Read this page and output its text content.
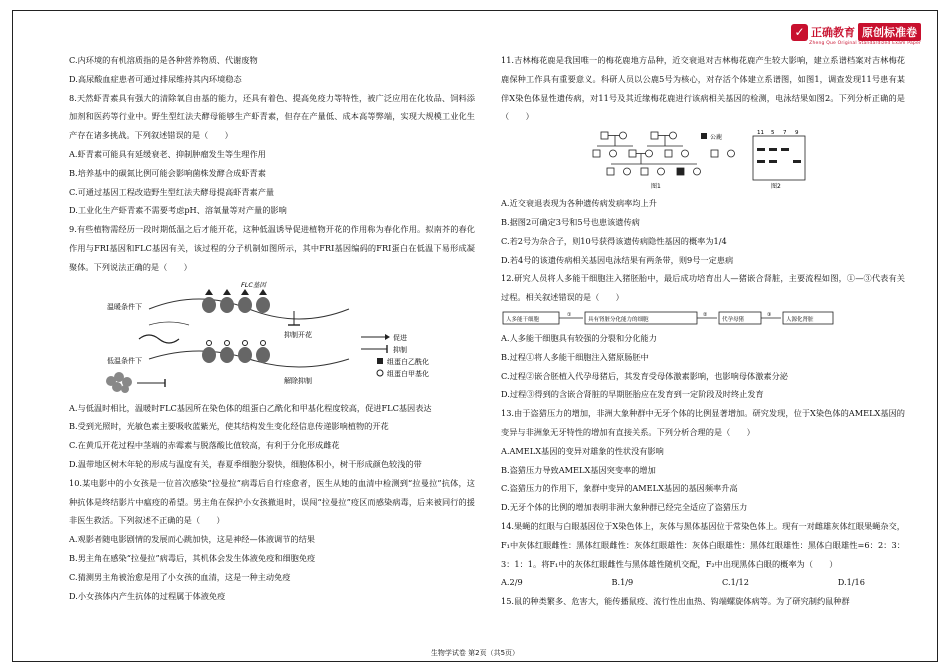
✓ 正确教育 原创标准卷
Zheng Que Original Standardized Exam Paper
C.内环境的有机溶质指的是各种营养物质、代谢废物
D.高尿酸血症患者可通过排尿维持其内环境稳态
8.天然虾青素具有强大的清除氧自由基的能力，还具有着色、提高免疫力等特性，被广泛应用在化妆品、饲料添加剂和医药等行业中。野生型红法夫酵母能够生产虾青素，但存在产量低、成本高等弊端，实现大规模工业化生产存在诸多挑战。下列叙述错误的是（　　）
A.虾青素可能具有延缓衰老、抑制肿瘤发生等生理作用
B.培养基中的碳氮比例可能会影响菌株发酵合成虾青素
C.可通过基因工程改造野生型红法夫酵母提高虾青素产量
D.工业化生产虾青素不需要考虑pH、溶氧量等对产量的影响
9.有些植物需经历一段时期低温之后才能开花，这种低温诱导促进植物开花的作用称为春化作用。拟南芥的春化作用与FRI基因和FLC基因有关，该过程的分子机制如图所示，其中FRI基因编码的FRI蛋白在低温下易形成凝聚体。下列说法正确的是（　　）
温暖条件下
FLC基因
抑制开花	促进
抑制
组蛋白乙酰化
组蛋白甲基化
低温条件下
解除抑制
A.与低温时相比，温暖时FLC基因所在染色体的组蛋白乙酰化和甲基化程度较高，促进FLC基因表达
B.受到光照时，光敏色素主要吸收蓝紫光，使其结构发生变化经信息传递影响植物的开花
C.在黄瓜开花过程中茎端的赤霉素与脱落酸比值较高，有利于分化形成雌花
D.温带地区树木年轮的形成与温度有关，春夏季细胞分裂快，细胞体积小，树干形成颜色较浅的带
10.某电影中的小女孩是一位首次感染“拉曼拉”病毒后自行痊愈者，医生从她的血清中检测到“拉曼拉”抗体，这种抗体是终结影片中瘟疫的希望。男主角在保护小女孩撤退时，误闯“拉曼拉”疫区而感染病毒，后来被同行的援非医生救活。下列叙述不正确的是（　　）
A.观影者随电影剧情的发展而心跳加快，这是神经—体液调节的结果
B.男主角在感染“拉曼拉”病毒后，其机体会发生体液免疫和细胞免疫
C.猜测男主角被治愈是用了小女孩的血清，这是一种主动免疫
D.小女孩体内产生抗体的过程属于体液免疫
11.吉林梅花鹿是我国唯一的梅花鹿地方品种，近交衰退对吉林梅花鹿产生较大影响，建立系谱档案对吉林梅花鹿保种工作具有重要意义。科研人员以公鹿5号为核心，对存活个体建立系谱图，如图1，调查发现11号患有某伴X染色体显性遗传病，对11号及其近缘梅花鹿进行该病相关基因的检测，电泳结果如图2。下列分析正确的是（　　）
公鹿
图1
11 5 7 9
图2
A.近交衰退表现为各种遗传病发病率均上升
B.据图2可确定3号和5号也患该遗传病
C.若2号为杂合子，则10号获得该遗传病隐性基因的概率为1/4
D.若4号的该遗传病相关基因电泳结果有两条带，则9号一定患病
12.研究人员将人多能干细胞注入猪胚胎中，最后成功培育出人—猪嵌合肾脏，主要流程如图，①—③代表有关过程。相关叙述错误的是（　　）
人多能干细胞
①
具有肾脏分化能力的细胞
②
代孕母猪
③
人源化肾脏
A.人多能干细胞具有较强的分裂和分化能力
B.过程①将人多能干细胞注入猪原肠胚中
C.过程②嵌合胚植入代孕母猪后，其发育受母体激素影响，也影响母体激素分泌
D.过程③得到的含嵌合肾脏的早期胚胎应在发育到一定阶段及时终止发育
13.由于盗猎压力的增加，非洲大象种群中无牙个体的比例显著增加。研究发现，位于X染色体的AMELX基因的变异与非洲象无牙特性的增加有直接关系。下列分析合理的是（　　）
A.AMELX基因的变异对雄象的性状没有影响
B.盗猎压力导致AMELX基因突变率的增加
C.盗猎压力的作用下，象群中变异的AMELX基因的基因频率升高
D.无牙个体的比例的增加表明非洲大象种群已经完全适应了盗猎压力
14.果蝇的红眼与白眼基因位于X染色体上，灰体与黑体基因位于常染色体上。现有一对雌雄灰体红眼果蝇杂交，F₁中灰体红眼雌性：黑体红眼雌性：灰体红眼雄性：灰体白眼雄性：黑体红眼雄性：黑体白眼雄性=6：2：3：3：1：1。将F₁中的灰体红眼雌性与黑体雄性随机交配，F₂中出现黑体白眼的概率为（　　）
A.2/9	B.1/9	C.1/12	D.1/16
15.鼠的种类繁多、危害大，能传播鼠疫、流行性出血热、钩端螺旋体病等。为了研究制约鼠种群
生物学试卷 第2页（共5页）
